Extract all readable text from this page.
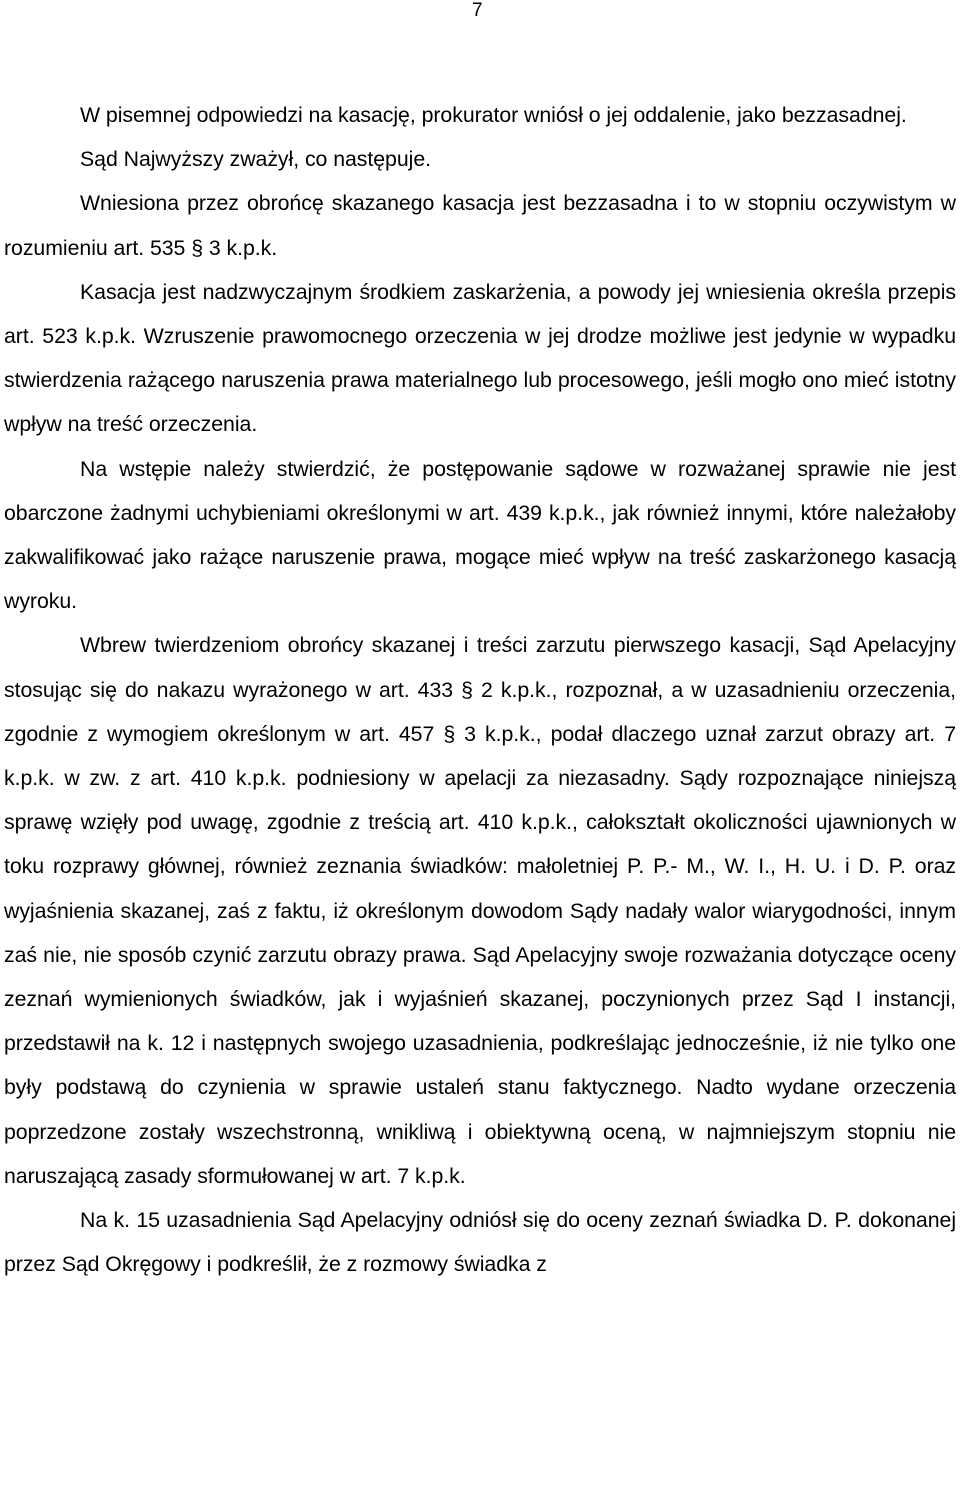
7

W pisemnej odpowiedzi na kasację, prokurator wniósł o jej oddalenie, jako bezzasadnej.

Sąd Najwyższy zważył, co następuje.

Wniesiona przez obrońcę skazanego kasacja jest bezzasadna i to w stopniu oczywistym w rozumieniu art. 535 § 3 k.p.k.

Kasacja jest nadzwyczajnym środkiem zaskarżenia, a powody jej wniesienia określa przepis art. 523 k.p.k. Wzruszenie prawomocnego orzeczenia w jej drodze możliwe jest jedynie w wypadku stwierdzenia rażącego naruszenia prawa materialnego lub procesowego, jeśli mogło ono mieć istotny wpływ na treść orzeczenia.

Na wstępie należy stwierdzić, że postępowanie sądowe w rozważanej sprawie nie jest obarczone żadnymi uchybieniami określonymi w art. 439 k.p.k., jak również innymi, które należałoby zakwalifikować jako rażące naruszenie prawa, mogące mieć wpływ na treść zaskarżonego kasacją wyroku.

Wbrew twierdzeniom obrońcy skazanej i treści zarzutu pierwszego kasacji, Sąd Apelacyjny stosując się do nakazu wyrażonego w art. 433 § 2 k.p.k., rozpoznał, a w uzasadnieniu orzeczenia, zgodnie z wymogiem określonym w art. 457 § 3 k.p.k., podał dlaczego uznał zarzut obrazy art. 7 k.p.k. w zw. z art. 410 k.p.k. podniesiony w apelacji za niezasadny. Sądy rozpoznające niniejszą sprawę wzięły pod uwagę, zgodnie z treścią art. 410 k.p.k., całokształt okoliczności ujawnionych w toku rozprawy głównej, również zeznania świadków: małoletniej P. P.- M., W. I., H. U. i D. P. oraz wyjaśnienia skazanej, zaś z faktu, iż określonym dowodom Sądy nadały walor wiarygodności, innym zaś nie, nie sposób czynić zarzutu obrazy prawa. Sąd Apelacyjny swoje rozważania dotyczące oceny zeznań wymienionych świadków, jak i wyjaśnień skazanej, poczynionych przez Sąd I instancji, przedstawił na k. 12 i następnych swojego uzasadnienia, podkreślając jednocześnie, iż nie tylko one były podstawą do czynienia w sprawie ustaleń stanu faktycznego. Nadto wydane orzeczenia poprzedzone zostały wszechstronną, wnikliwą i obiektywną oceną, w najmniejszym stopniu nie naruszającą zasady sformułowanej w art. 7 k.p.k.

Na k. 15 uzasadnienia Sąd Apelacyjny odniósł się do oceny zeznań świadka D. P. dokonanej przez Sąd Okręgowy i podkreślił, że z rozmowy świadka z
